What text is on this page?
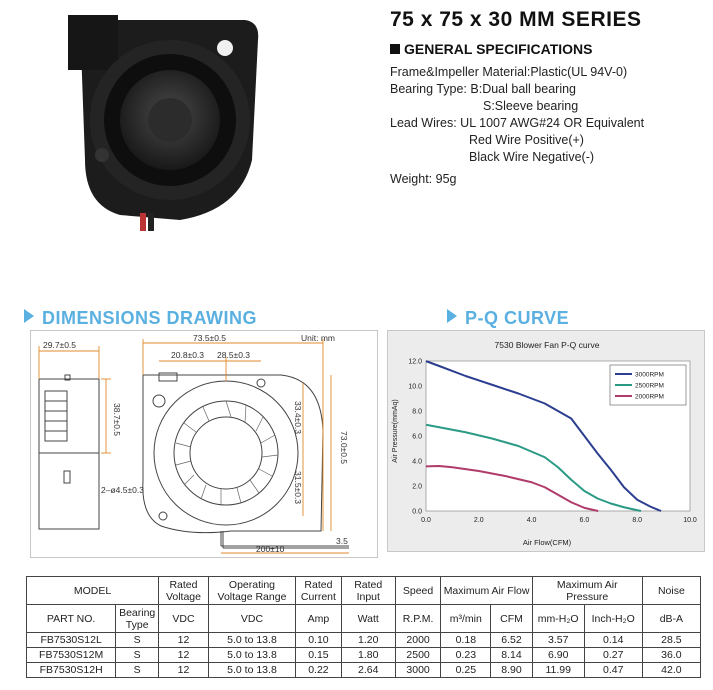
75 x 75 x 30 MM SERIES
GENERAL SPECIFICATIONS
Frame&Impeller Material:Plastic(UL 94V-0)
Bearing Type: B:Dual ball bearing
S:Sleeve bearing
Lead Wires: UL 1007 AWG#24 OR Equivalent
Red Wire Positive(+)
Black Wire Negative(-)
Weight: 95g
DIMENSIONS DRAWING	P-Q CURVE
Unit: mm
29.7±0.5
38.7±0.5
73.5±0.5
20.8±0.3 28.5±0.3
33.4±0.3
73.0±0.5
31.5±0.3
2–ø4.5±0.3
200±10
3.5
7530 Blower Fan P-Q curve
Air Flow(CFM)
Air Pressure(mmAq)
0.0	2.0	4.0	6.0	8.0	10.0
0.0
2.0
4.0
6.0
8.0
10.0
12.0
3000RPM
2500RPM
2000RPM
MODEL		Rated Voltage	Operating Voltage Range	Rated Current	Rated Input	Speed	Maximum Air Flow		Maximum Air Pressure		Noise
PART NO.	Bearing Type	VDC	VDC	Amp	Watt	R.P.M.	m³/min	CFM	mm-H₂O	Inch-H₂O	dB-A
FB7530S12L	S	12	5.0 to 13.8	0.10	1.20	2000	0.18	6.52	3.57	0.14	28.5
FB7530S12M	S	12	5.0 to 13.8	0.15	1.80	2500	0.23	8.14	6.90	0.27	36.0
FB7530S12H	S	12	5.0 to 13.8	0.22	2.64	3000	0.25	8.90	11.99	0.47	42.0
